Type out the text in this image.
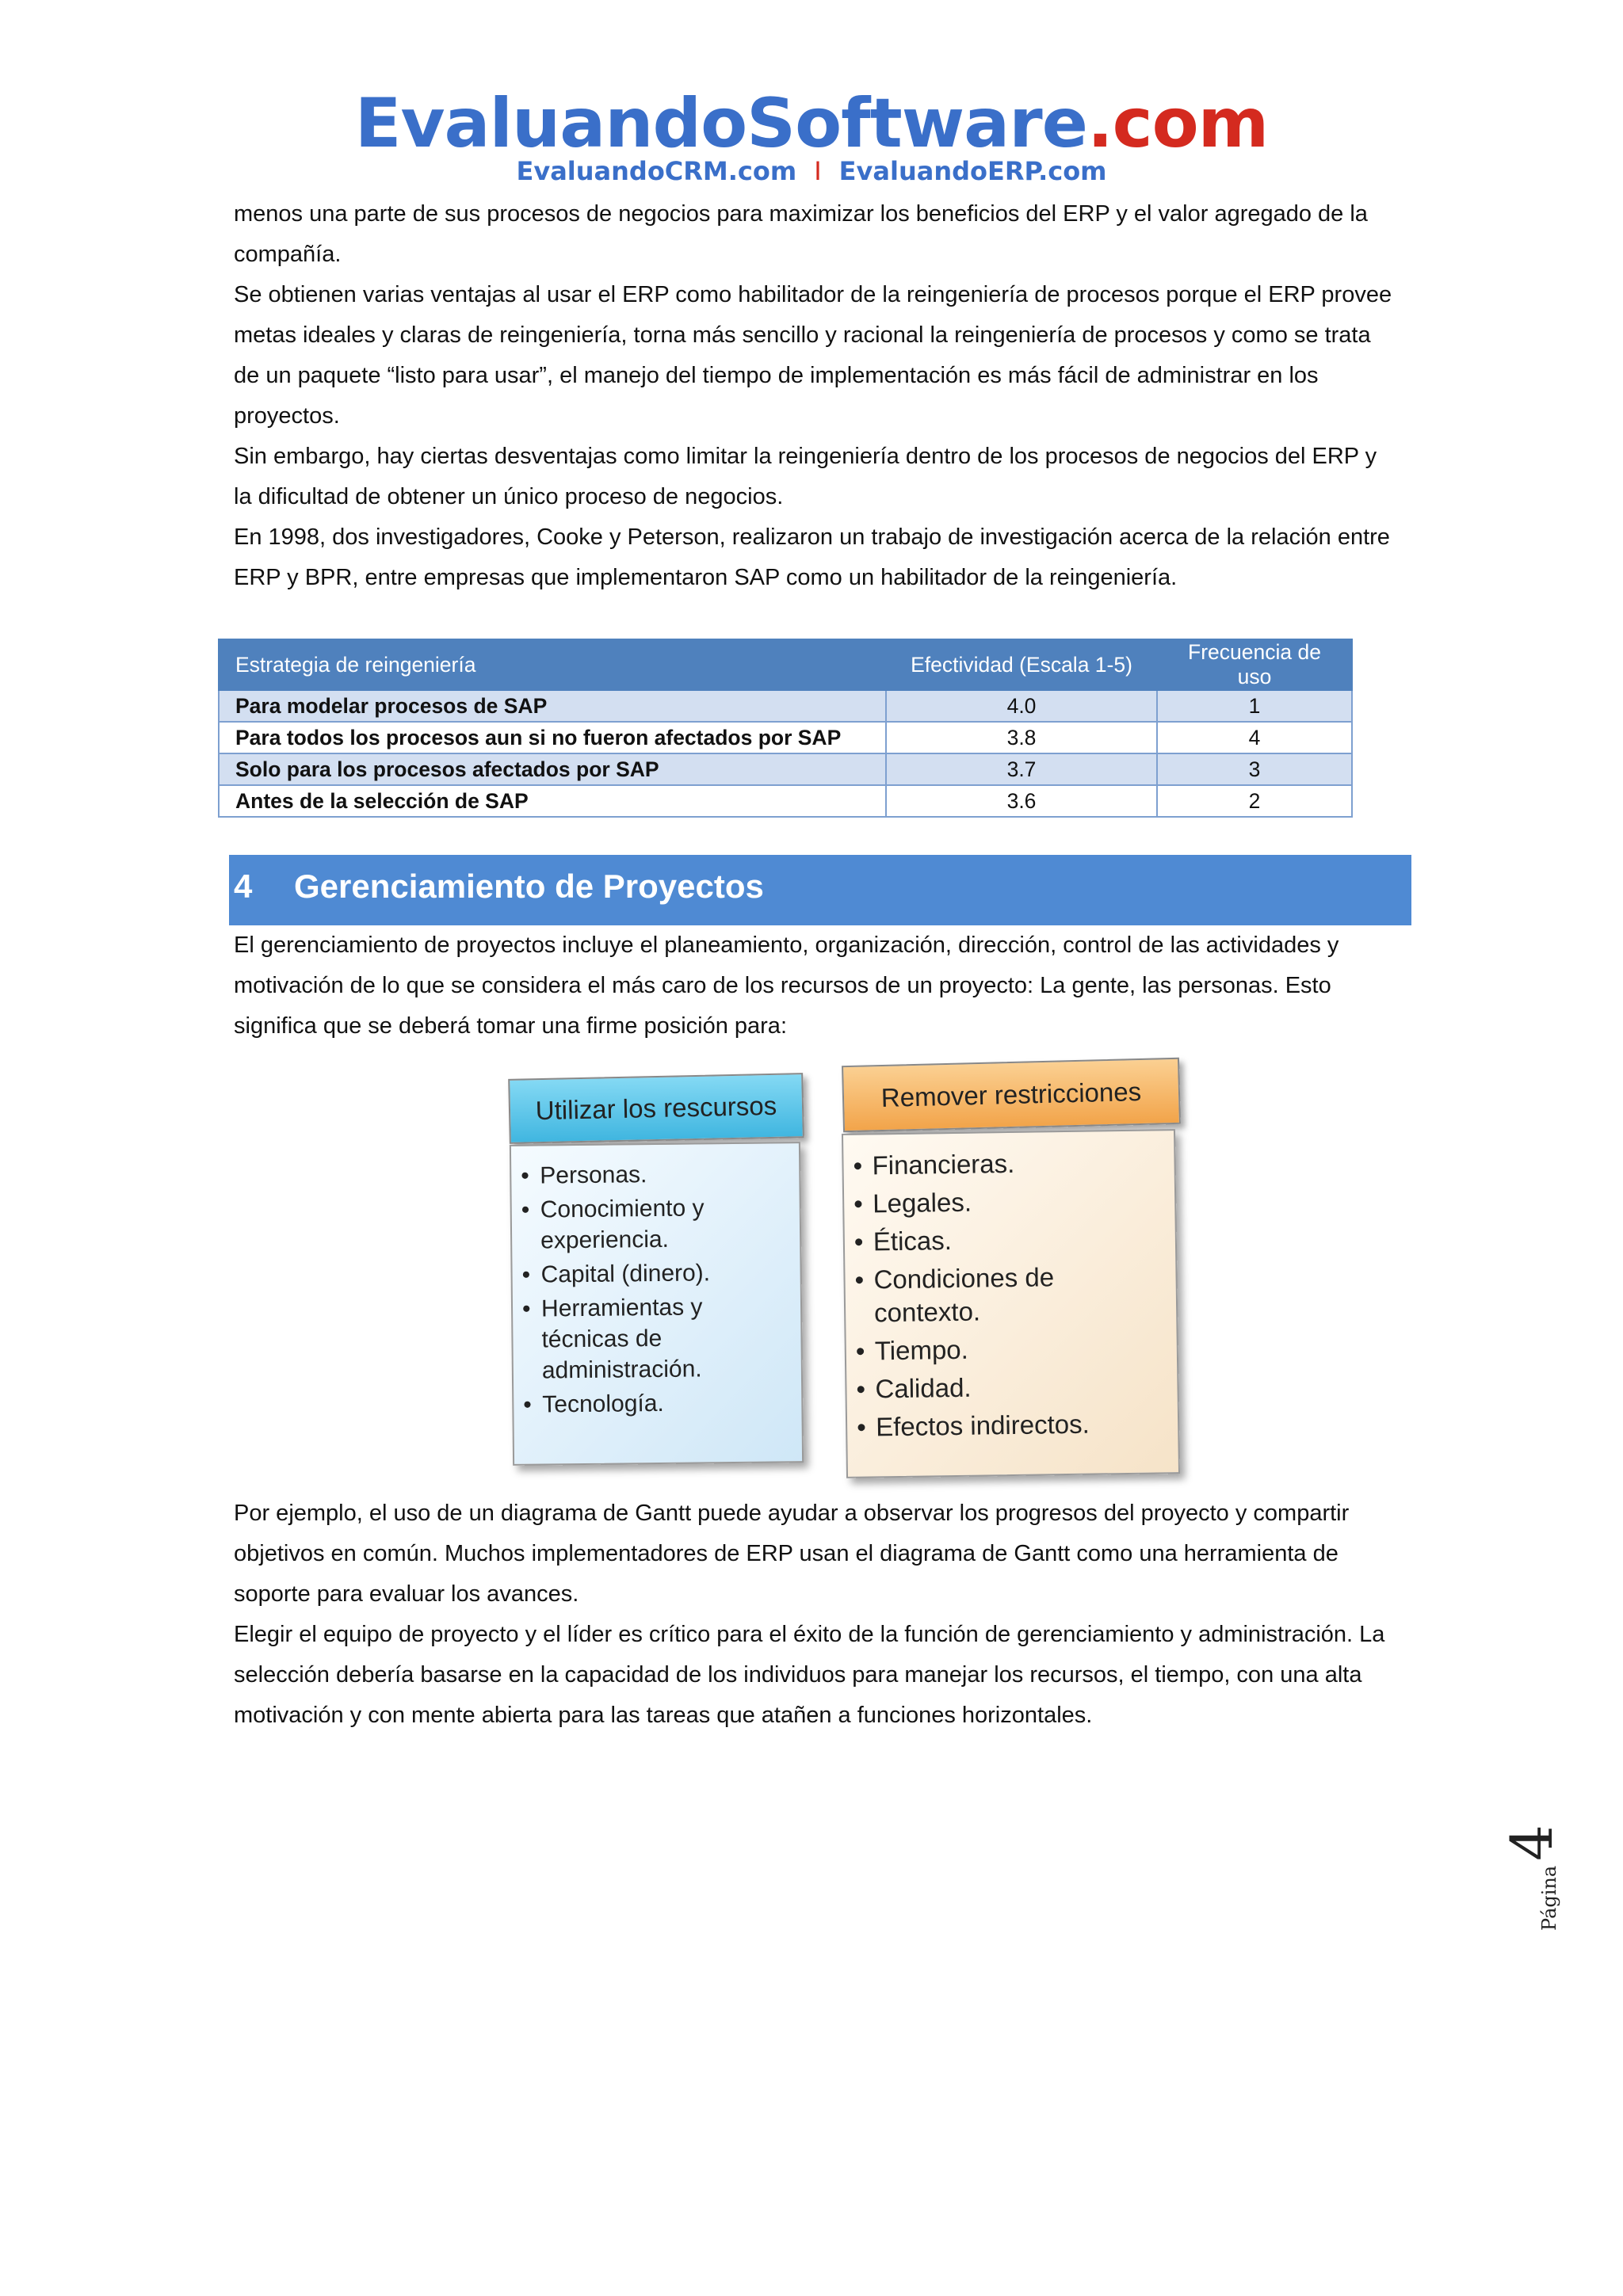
EvaluandoSoftware.com
EvaluandoCRM.com I EvaluandoERP.com

menos una parte de sus procesos de negocios para maximizar los beneficios del ERP y el valor agregado de la compañía.

Se obtienen varias ventajas al usar el ERP como habilitador de la reingeniería de procesos porque el ERP provee metas ideales y claras de reingeniería, torna más sencillo y racional la reingeniería de procesos y como se trata de un paquete “listo para usar”, el manejo del tiempo de implementación es más fácil de administrar en los proyectos.

Sin embargo, hay ciertas desventajas como limitar la reingeniería dentro de los procesos de negocios del ERP y la dificultad de obtener un único proceso de negocios.

En 1998, dos investigadores, Cooke y Peterson, realizaron un trabajo de investigación acerca de la relación entre ERP y BPR, entre empresas que implementaron SAP como un habilitador de la reingeniería.

Estrategia de reingeniería	Efectividad (Escala 1-5)	Frecuencia de uso
Para modelar procesos de SAP	4.0	1
Para todos los procesos aun si no fueron afectados por SAP	3.8	4
Solo para los procesos afectados por SAP	3.7	3
Antes de la selección de SAP	3.6	2
4 Gerenciamiento de Proyectos

El gerenciamiento de proyectos incluye el planeamiento, organización, dirección, control de las actividades y motivación de lo que se considera el más caro de los recursos de un proyecto: La gente, las personas. Esto significa que se deberá tomar una firme posición para:

Utilizar los rescursos
• Personas.
• Conocimiento y experiencia.
• Capital (dinero).
• Herramientas y técnicas de administración.
• Tecnología.
Remover restricciones
• Financieras.
• Legales.
• Éticas.
• Condiciones de contexto.
• Tiempo.
• Calidad.
• Efectos indirectos.

Por ejemplo, el uso de un diagrama de Gantt puede ayudar a observar los progresos del proyecto y compartir objetivos en común. Muchos implementadores de ERP usan el diagrama de Gantt como una herramienta de soporte para evaluar los avances.

Elegir el equipo de proyecto y el líder es crítico para el éxito de la función de gerenciamiento y administración. La selección debería basarse en la capacidad de los individuos para manejar los recursos, el tiempo, con una alta motivación y con mente abierta para las tareas que atañen a funciones horizontales.

Página
4
